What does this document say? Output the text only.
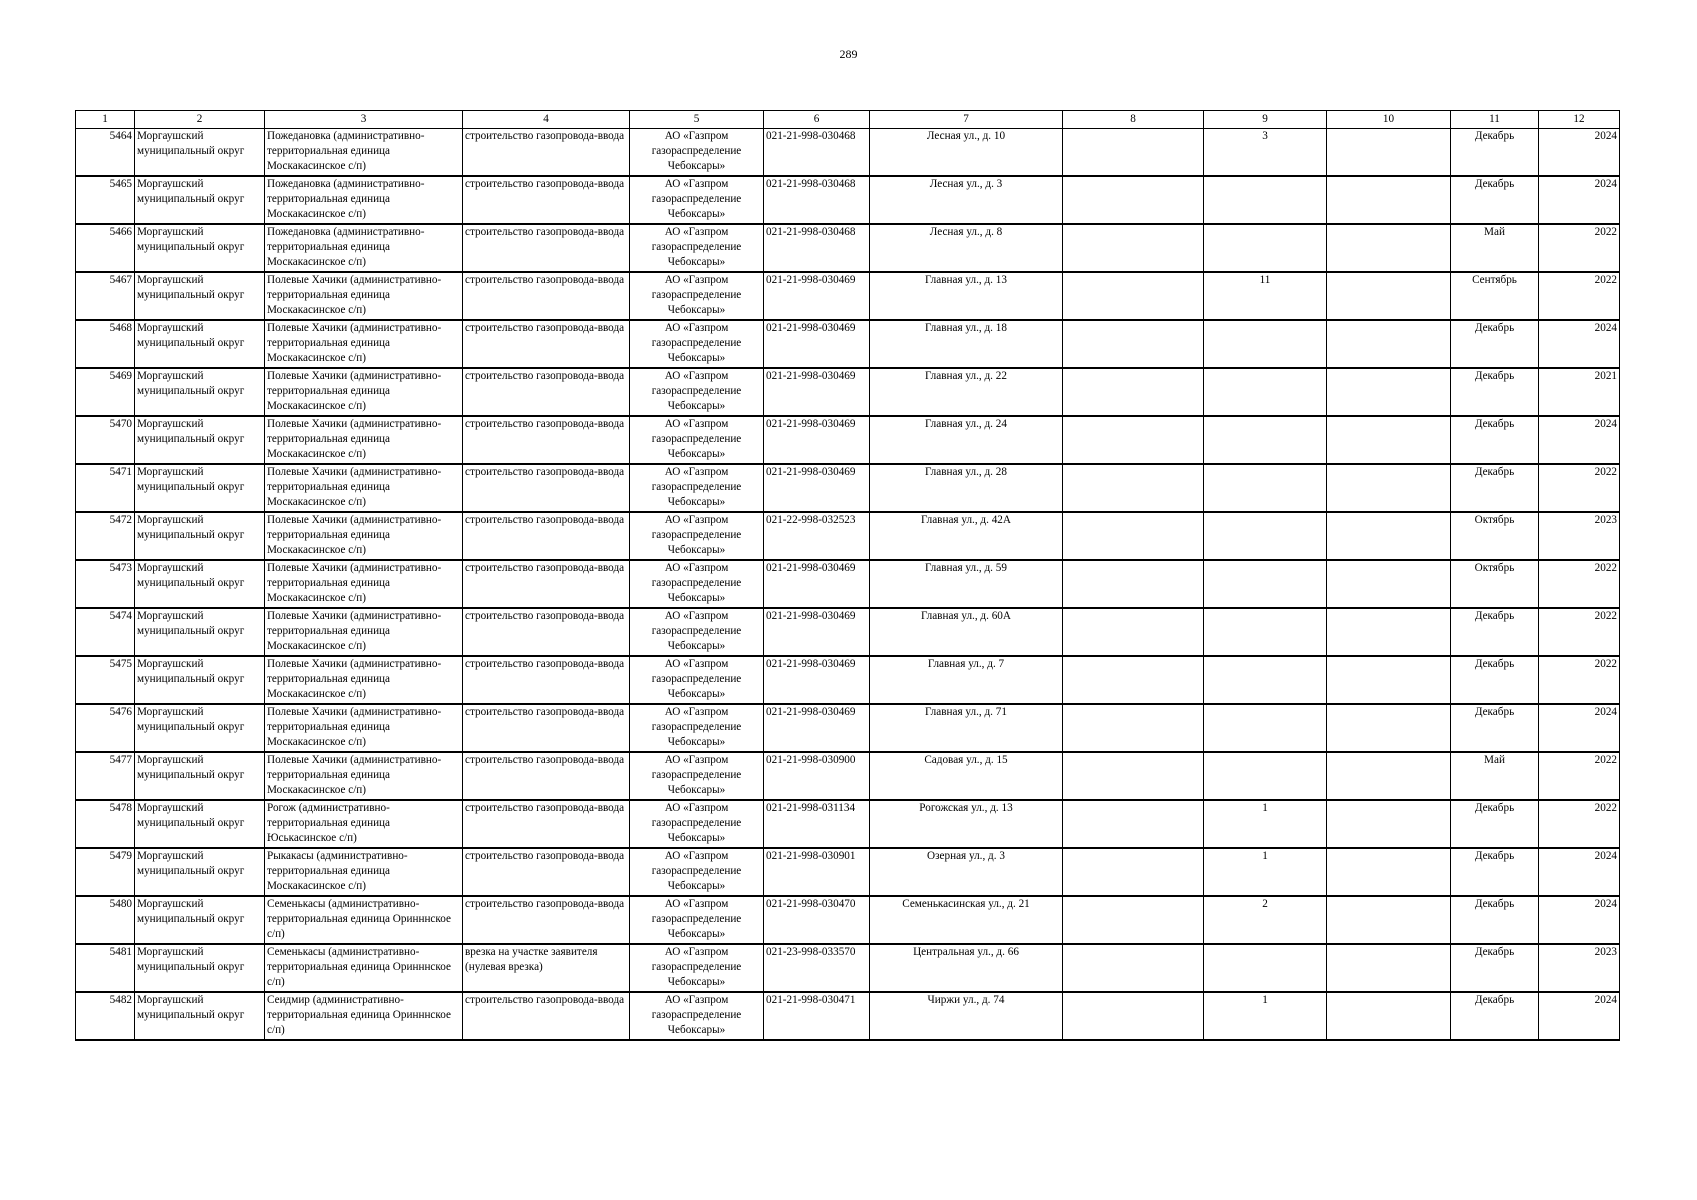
289
1	2	3	4	5	6	7	8	9	10	11	12
5464	Моргаушский муниципальный округ	Пожедановка (административно-территориальная единица Москакасинское с/п)	строительство газопровода-ввода	АО «Газпром газораспределение Чебоксары»	021-21-998-030468	Лесная ул., д. 10		3		Декабрь	2024
5465	Моргаушский муниципальный округ	Пожедановка (административно-территориальная единица Москакасинское с/п)	строительство газопровода-ввода	АО «Газпром газораспределение Чебоксары»	021-21-998-030468	Лесная ул., д. 3				Декабрь	2024
5466	Моргаушский муниципальный округ	Пожедановка (административно-территориальная единица Москакасинское с/п)	строительство газопровода-ввода	АО «Газпром газораспределение Чебоксары»	021-21-998-030468	Лесная ул., д. 8				Май	2022
5467	Моргаушский муниципальный округ	Полевые Хачики (административно-территориальная единица Москакасинское с/п)	строительство газопровода-ввода	АО «Газпром газораспределение Чебоксары»	021-21-998-030469	Главная ул., д. 13		11		Сентябрь	2022
5468	Моргаушский муниципальный округ	Полевые Хачики (административно-территориальная единица Москакасинское с/п)	строительство газопровода-ввода	АО «Газпром газораспределение Чебоксары»	021-21-998-030469	Главная ул., д. 18				Декабрь	2024
5469	Моргаушский муниципальный округ	Полевые Хачики (административно-территориальная единица Москакасинское с/п)	строительство газопровода-ввода	АО «Газпром газораспределение Чебоксары»	021-21-998-030469	Главная ул., д. 22				Декабрь	2021
5470	Моргаушский муниципальный округ	Полевые Хачики (административно-территориальная единица Москакасинское с/п)	строительство газопровода-ввода	АО «Газпром газораспределение Чебоксары»	021-21-998-030469	Главная ул., д. 24				Декабрь	2024
5471	Моргаушский муниципальный округ	Полевые Хачики (административно-территориальная единица Москакасинское с/п)	строительство газопровода-ввода	АО «Газпром газораспределение Чебоксары»	021-21-998-030469	Главная ул., д. 28				Декабрь	2022
5472	Моргаушский муниципальный округ	Полевые Хачики (административно-территориальная единица Москакасинское с/п)	строительство газопровода-ввода	АО «Газпром газораспределение Чебоксары»	021-22-998-032523	Главная ул., д. 42А				Октябрь	2023
5473	Моргаушский муниципальный округ	Полевые Хачики (административно-территориальная единица Москакасинское с/п)	строительство газопровода-ввода	АО «Газпром газораспределение Чебоксары»	021-21-998-030469	Главная ул., д. 59				Октябрь	2022
5474	Моргаушский муниципальный округ	Полевые Хачики (административно-территориальная единица Москакасинское с/п)	строительство газопровода-ввода	АО «Газпром газораспределение Чебоксары»	021-21-998-030469	Главная ул., д. 60А				Декабрь	2022
5475	Моргаушский муниципальный округ	Полевые Хачики (административно-территориальная единица Москакасинское с/п)	строительство газопровода-ввода	АО «Газпром газораспределение Чебоксары»	021-21-998-030469	Главная ул., д. 7				Декабрь	2022
5476	Моргаушский муниципальный округ	Полевые Хачики (административно-территориальная единица Москакасинское с/п)	строительство газопровода-ввода	АО «Газпром газораспределение Чебоксары»	021-21-998-030469	Главная ул., д. 71				Декабрь	2024
5477	Моргаушский муниципальный округ	Полевые Хачики (административно-территориальная единица Москакасинское с/п)	строительство газопровода-ввода	АО «Газпром газораспределение Чебоксары»	021-21-998-030900	Садовая ул., д. 15				Май	2022
5478	Моргаушский муниципальный округ	Рогож (административно-территориальная единица Юськасинское с/п)	строительство газопровода-ввода	АО «Газпром газораспределение Чебоксары»	021-21-998-031134	Рогожская ул., д. 13		1		Декабрь	2022
5479	Моргаушский муниципальный округ	Рыкакасы (административно-территориальная единица Москакасинское с/п)	строительство газопровода-ввода	АО «Газпром газораспределение Чебоксары»	021-21-998-030901	Озерная ул., д. 3		1		Декабрь	2024
5480	Моргаушский муниципальный округ	Семенькасы (административно-территориальная единица Оринннское с/п)	строительство газопровода-ввода	АО «Газпром газораспределение Чебоксары»	021-21-998-030470	Семенькасинская ул., д. 21		2		Декабрь	2024
5481	Моргаушский муниципальный округ	Семенькасы (административно-территориальная единица Оринннское с/п)	врезка на участке заявителя (нулевая врезка)	АО «Газпром газораспределение Чебоксары»	021-23-998-033570	Центральная ул., д. 66				Декабрь	2023
5482	Моргаушский муниципальный округ	Сеидмир (административно-территориальная единица Оринннское с/п)	строительство газопровода-ввода	АО «Газпром газораспределение Чебоксары»	021-21-998-030471	Чиржи ул., д. 74		1		Декабрь	2024
